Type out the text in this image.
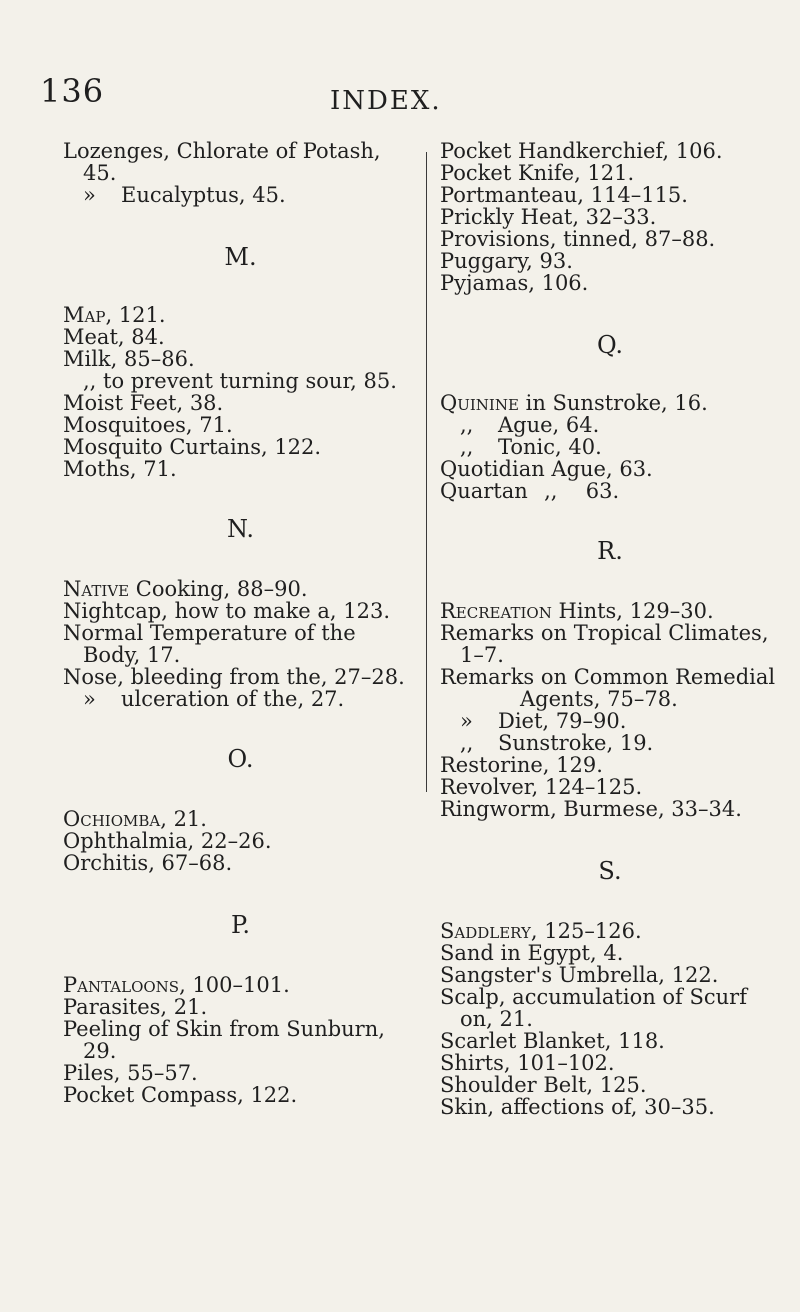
136	INDEX.
Lozenges, Chlorate of Potash, 45.
» Eucalyptus, 45.
M.
Map, 121.
Meat, 84.
Milk, 85–86.
,, to prevent turning sour, 85.
Moist Feet, 38.
Mosquitoes, 71.
Mosquito Curtains, 122.
Moths, 71.
N.
Native Cooking, 88–90.
Nightcap, how to make a, 123.
Normal Temperature of the Body, 17.
Nose, bleeding from the, 27–28.
» ulceration of the, 27.
O.
Ochiomba, 21.
Ophthalmia, 22–26.
Orchitis, 67–68.
P.
Pantaloons, 100–101.
Parasites, 21.
Peeling of Skin from Sunburn, 29.
Piles, 55–57.
Pocket Compass, 122.
Pocket Handkerchief, 106.
Pocket Knife, 121.
Portmanteau, 114–115.
Prickly Heat, 32–33.
Provisions, tinned, 87–88.
Puggary, 93.
Pyjamas, 106.
Q.
Quinine in Sunstroke, 16.
,, Ague, 64.
,, Tonic, 40.
Quotidian Ague, 63.
Quartan ,, 63.
R.
Recreation Hints, 129–30.
Remarks on Tropical Climates, 1–7.
Remarks on Common Remedial Agents, 75–78.
» Diet, 79–90.
,, Sunstroke, 19.
Restorine, 129.
Revolver, 124–125.
Ringworm, Burmese, 33–34.
S.
Saddlery, 125–126.
Sand in Egypt, 4.
Sangster's Umbrella, 122.
Scalp, accumulation of Scurf on, 21.
Scarlet Blanket, 118.
Shirts, 101–102.
Shoulder Belt, 125.
Skin, affections of, 30–35.
